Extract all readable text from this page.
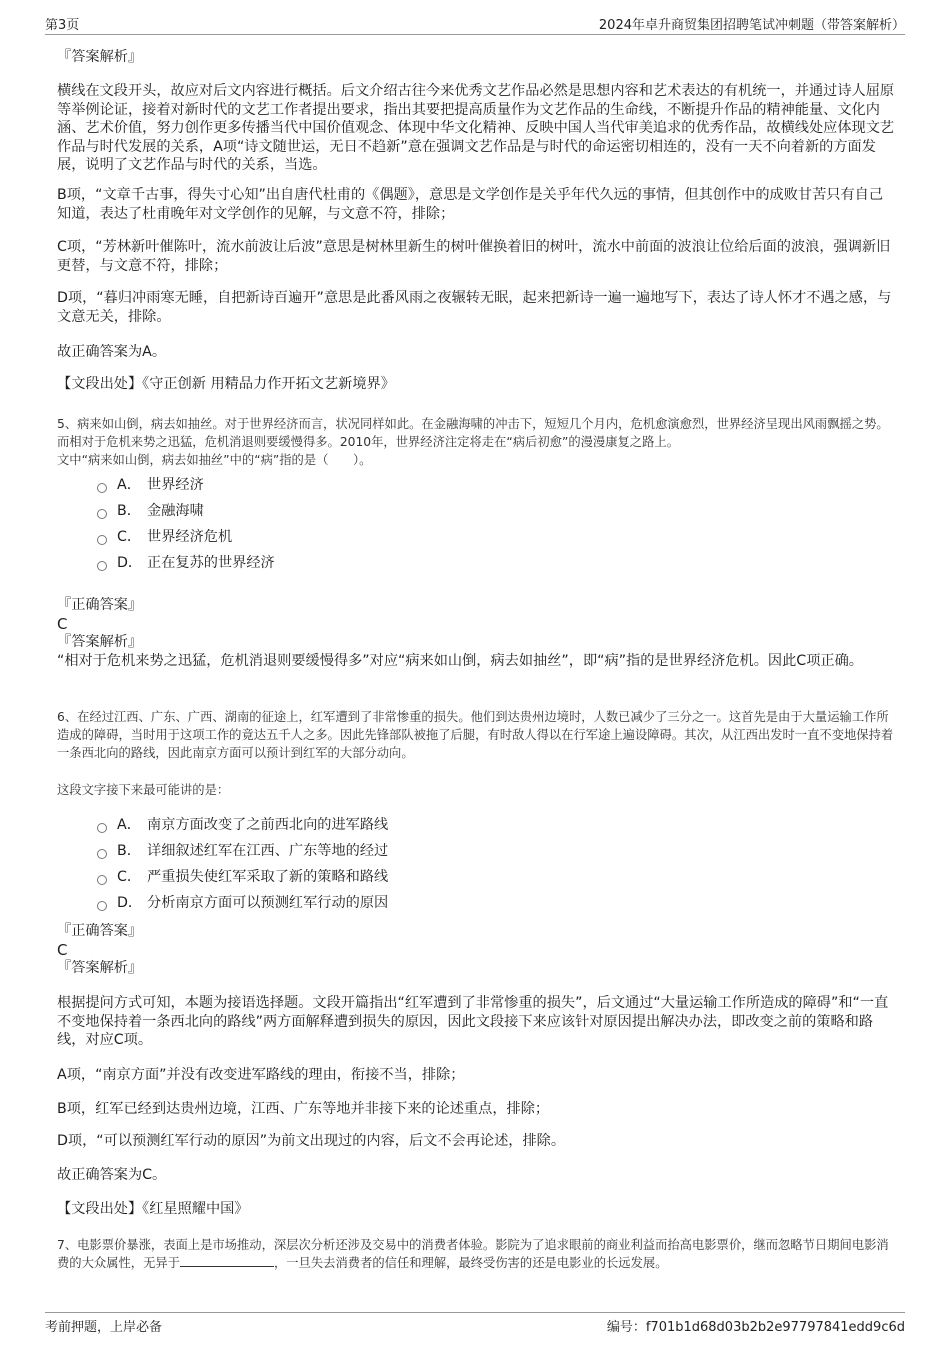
第3页	2024年卓升商贸集团招聘笔试冲刺题（带答案解析）

『答案解析』

横线在文段开头，故应对后文内容进行概括。后文介绍古往今来优秀文艺作品必然是思想内容和艺术表达的有机统一，并通过诗人屈原等举例论证，接着对新时代的文艺工作者提出要求，指出其要把提高质量作为文艺作品的生命线，不断提升作品的精神能量、文化内涵、艺术价值，努力创作更多传播当代中国价值观念、体现中华文化精神、反映中国人当代审美追求的优秀作品，故横线处应体现文艺作品与时代发展的关系，A项“诗文随世运，无日不趋新”意在强调文艺作品是与时代的命运密切相连的，没有一天不向着新的方面发展，说明了文艺作品与时代的关系，当选。

B项，“文章千古事，得失寸心知”出自唐代杜甫的《偶题》，意思是文学创作是关乎年代久远的事情，但其创作中的成败甘苦只有自己知道，表达了杜甫晚年对文学创作的见解，与文意不符，排除；

C项，“芳林新叶催陈叶，流水前波让后波”意思是树林里新生的树叶催换着旧的树叶，流水中前面的波浪让位给后面的波浪，强调新旧更替，与文意不符，排除；

D项，“暮归冲雨寒无睡，自把新诗百遍开”意思是此番风雨之夜辗转无眠，起来把新诗一遍一遍地写下，表达了诗人怀才不遇之感，与文意无关，排除。

故正确答案为A。

【文段出处】《守正创新 用精品力作开拓文艺新境界》

5、病来如山倒，病去如抽丝。对于世界经济而言，状况同样如此。在金融海啸的冲击下，短短几个月内，危机愈演愈烈，世界经济呈现出风雨飘摇之势。而相对于危机来势之迅猛，危机消退则要缓慢得多。2010年，世界经济注定将走在“病后初愈”的漫漫康复之路上。

文中“病来如山倒，病去如抽丝”中的“病”指的是（　　）。

A． 世界经济
B． 金融海啸
C． 世界经济危机
D． 正在复苏的世界经济

『正确答案』

C

『答案解析』

“相对于危机来势之迅猛，危机消退则要缓慢得多”对应“病来如山倒，病去如抽丝”，即“病”指的是世界经济危机。因此C项正确。

6、在经过江西、广东、广西、湖南的征途上，红军遭到了非常惨重的损失。他们到达贵州边境时，人数已减少了三分之一。这首先是由于大量运输工作所造成的障碍，当时用于这项工作的竟达五千人之多。因此先锋部队被拖了后腿，有时敌人得以在行军途上遍设障碍。其次，从江西出发时一直不变地保持着一条西北向的路线，因此南京方面可以预计到红军的大部分动向。

这段文字接下来最可能讲的是：

A． 南京方面改变了之前西北向的进军路线
B． 详细叙述红军在江西、广东等地的经过
C． 严重损失使红军采取了新的策略和路线
D． 分析南京方面可以预测红军行动的原因

『正确答案』

C

『答案解析』

根据提问方式可知，本题为接语选择题。文段开篇指出“红军遭到了非常惨重的损失”，后文通过“大量运输工作所造成的障碍”和“一直不变地保持着一条西北向的路线”两方面解释遭到损失的原因，因此文段接下来应该针对原因提出解决办法，即改变之前的策略和路线，对应C项。

A项，“南京方面”并没有改变进军路线的理由，衔接不当，排除；

B项，红军已经到达贵州边境，江西、广东等地并非接下来的论述重点，排除；

D项，“可以预测红军行动的原因”为前文出现过的内容，后文不会再论述，排除。

故正确答案为C。

【文段出处】《红星照耀中国》

7、电影票价暴涨，表面上是市场推动，深层次分析还涉及交易中的消费者体验。影院为了追求眼前的商业利益而抬高电影票价，继而忽略节日期间电影消费的大众属性，无异于	，一旦失去消费者的信任和理解，最终受伤害的还是电影业的长远发展。

考前押题，上岸必备	编号：f701b1d68d03b2b2e97797841edd9c6d
